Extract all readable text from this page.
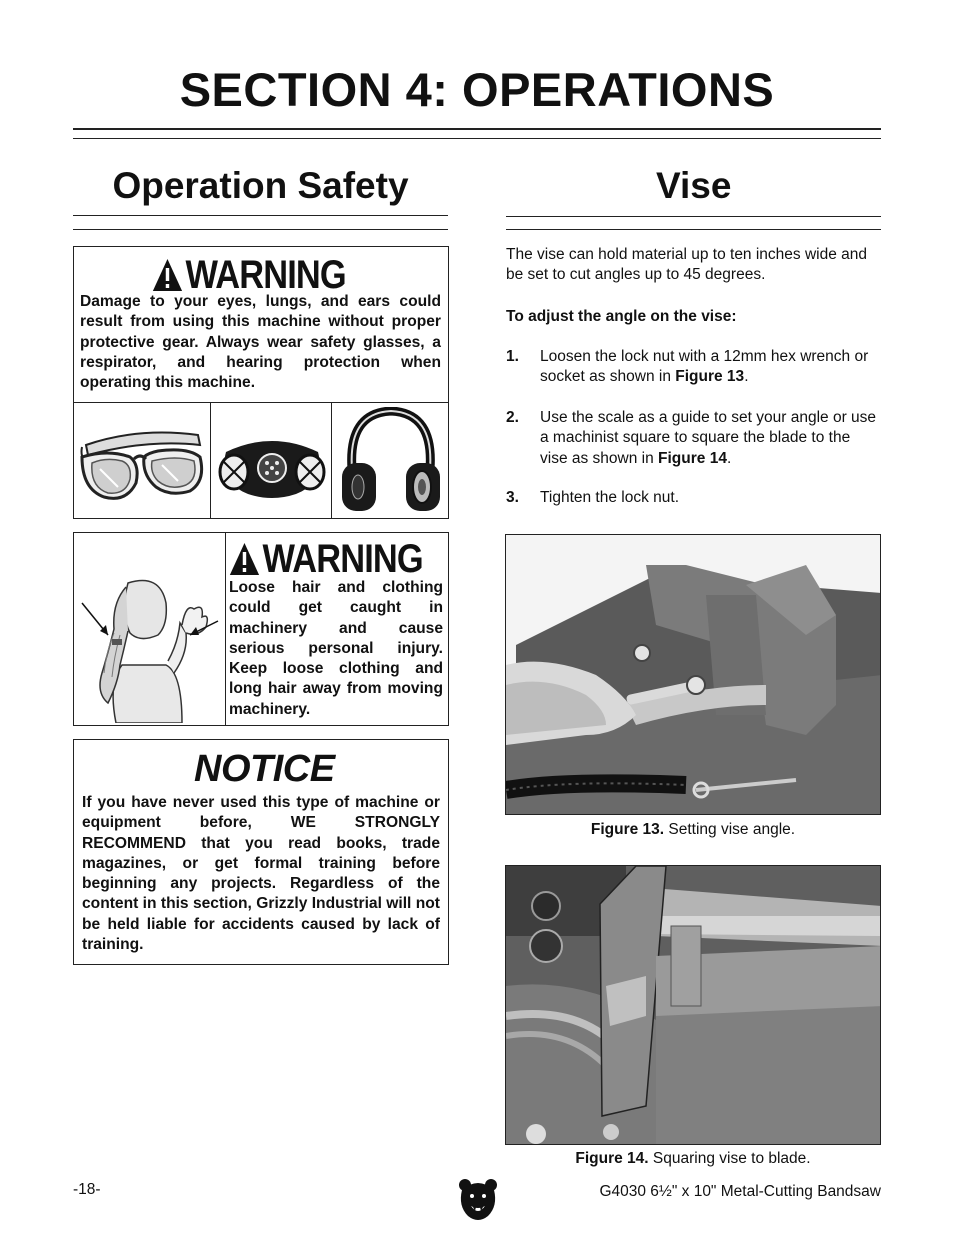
SECTION 4: OPERATIONS
Operation Safety
WARNING

Damage to your eyes, lungs, and ears could result from using this machine without proper protective gear. Always wear safety glasses, a respirator, and hearing protection when operating this machine.

WARNING

Loose hair and clothing could get caught in machinery and cause serious personal injury. Keep loose clothing and long hair away from moving machinery.

NOTICE

If you have never used this type of machine or equipment before, WE STRONGLY RECOMMEND that you read books, trade magazines, or get formal training before beginning any projects. Regardless of the content in this section, Grizzly Industrial will not be held liable for accidents caused by lack of training.

Vise

The vise can hold material up to ten inches wide and be set to cut angles up to 45 degrees.

To adjust the angle on the vise:

1. Loosen the lock nut with a 12mm hex wrench or socket as shown in Figure 13.

2. Use the scale as a guide to set your angle or use a machinist square to square the blade to the vise as shown in Figure 14.

3. Tighten the lock nut.

Figure 13. Setting vise angle.
Figure 14. Squaring vise to blade.
-18-	G4030 6½" x 10" Metal-Cutting Bandsaw
